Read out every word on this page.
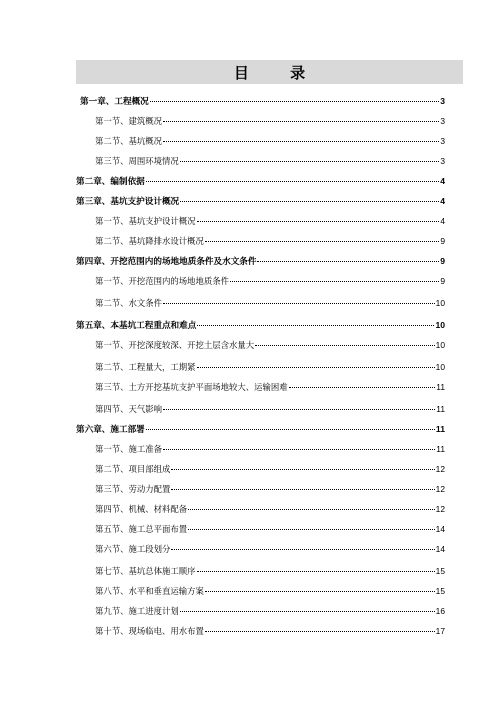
目 录
第一章、工程概况	3
第一节、建筑概况	3
第二节、基坑概况	3
第三节、周围环境情况	3
第二章、编制依据	4
第三章、基坑支护设计概况	4
第一节、基坑支护设计概况	4
第二节、基坑降排水设计概况	9
第四章、开挖范围内的场地地质条件及水文条件	9
第一节、开挖范围内的场地地质条件	9
第二节、水文条件	10
第五章、本基坑工程重点和难点	10
第一节、开挖深度较深、开挖土层含水量大	10
第二节、工程量大，工期紧	10
第三节、土方开挖基坑支护平面场地较大、运输困难	11
第四节、天气影响	11
第六章、施工部署	11
第一节、施工准备	11
第二节、项目部组成	12
第三节、劳动力配置	12
第四节、机械、材料配备	12
第五节、施工总平面布置	14
第六节、施工段划分	14
第七节、基坑总体施工顺序	15
第八节、水平和垂直运输方案	15
第九节、施工进度计划	16
第十节、现场临电、用水布置	17
